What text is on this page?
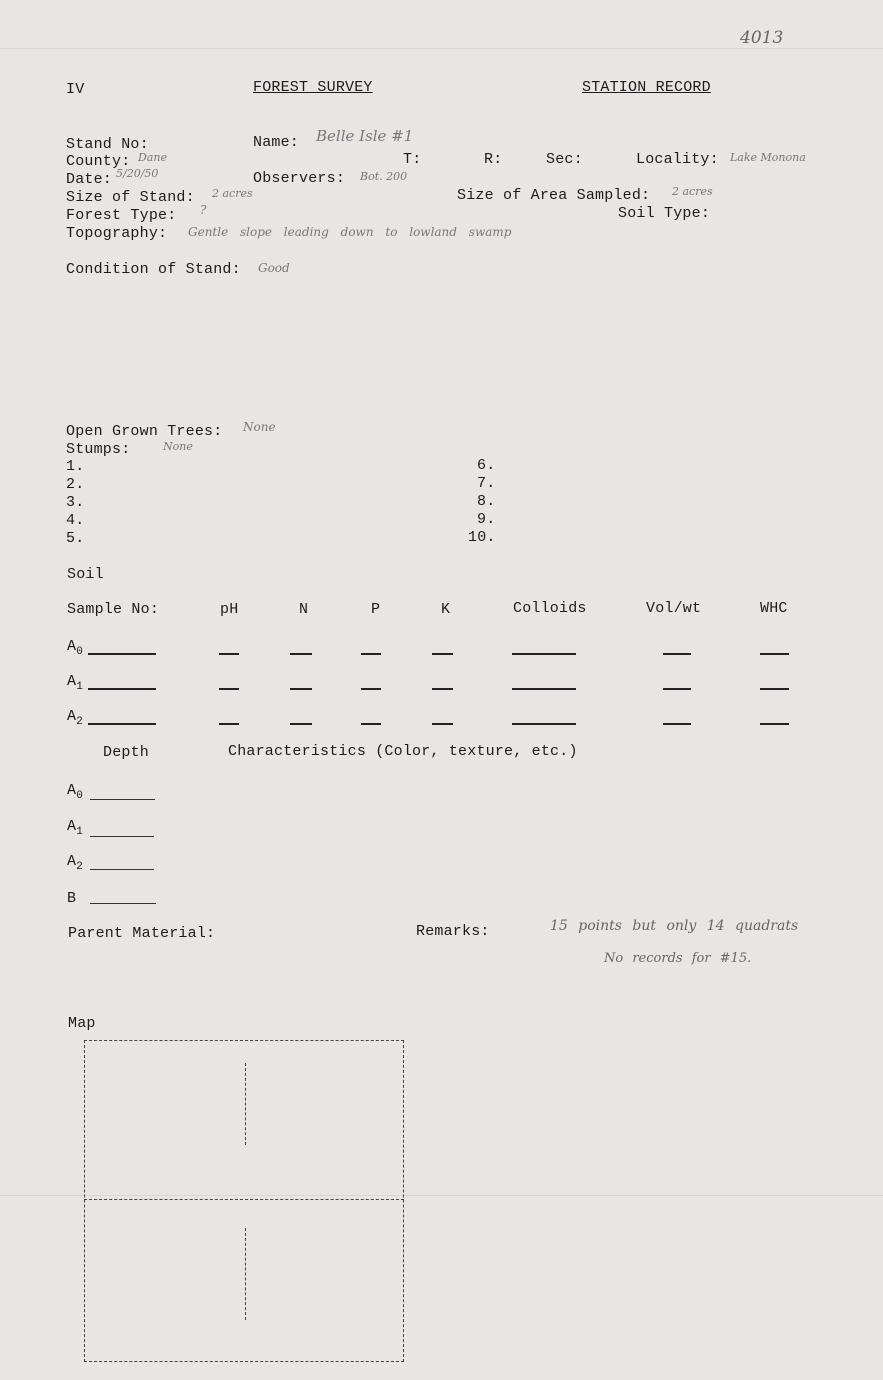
4013
IV	FOREST SURVEY	STATION RECORD
Stand No:	Name: Belle Isle #1
County: Dane	T:	R:	Sec:	Locality: Lake Monona
Date: 5/20/50	Observers: Bot. 200
Size of Stand: 2 acres	Size of Area Sampled: 2 acres
Forest Type: ?	Soil Type:
Topography: Gentle slope leading down to lowland swamp
Condition of Stand: Good
Open Grown Trees: None
Stumps:	None
1.
2.
3.
4.
5.
6.
7.
8.
9.
10.
Soil
Sample No:	pH	N	P	K	Colloids	Vol/wt	WHC
$A_0$
$A_1$
$A_2$
Depth	Characteristics (Color, texture, etc.)
$A_0$
$A_1$
$A_2$
B
Parent Material:	Remarks:	15 points but only 14 quadrats
No records for #15.
Map
